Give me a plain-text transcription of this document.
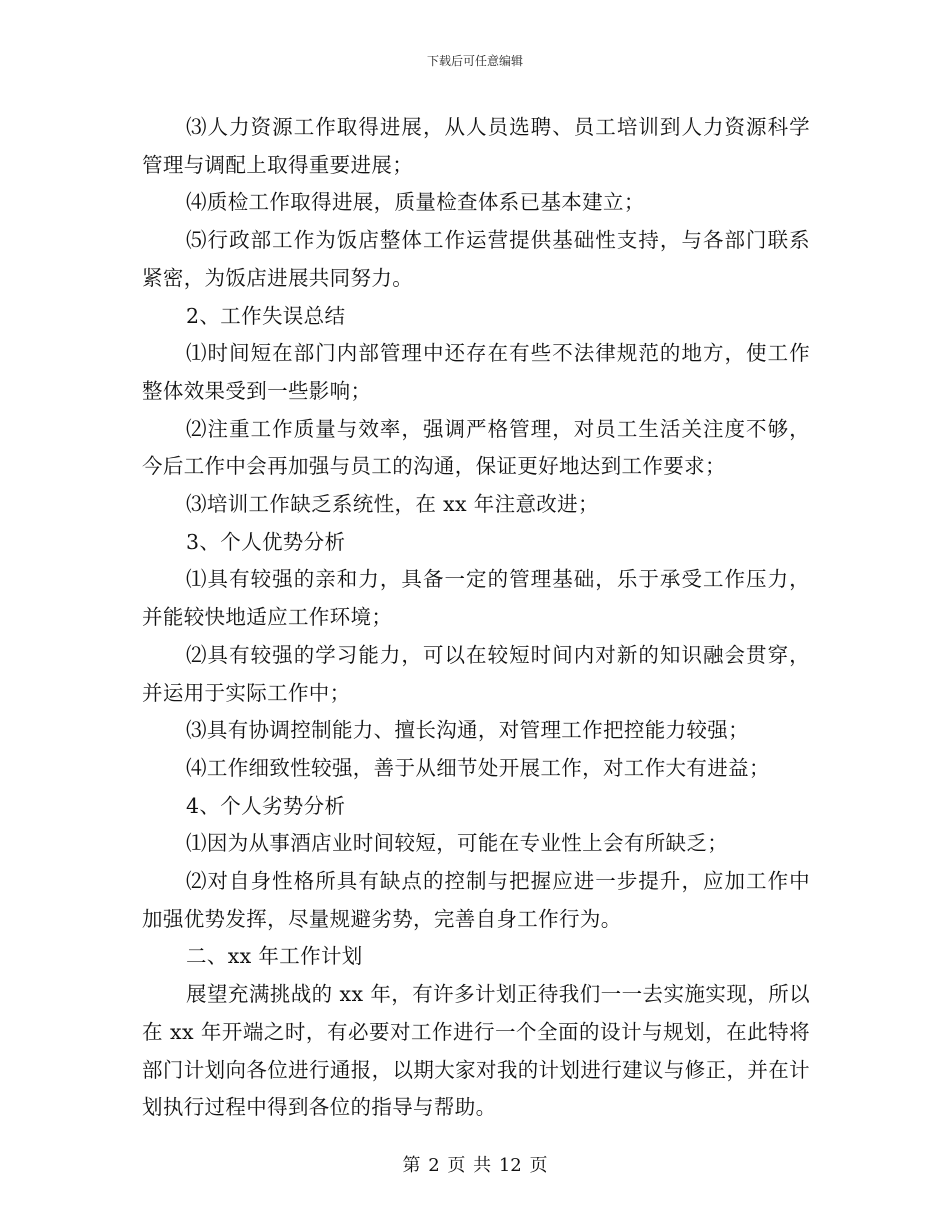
下载后可任意编辑

⑶人力资源工作取得进展，从人员选聘、员工培训到人力资源科学管理与调配上取得重要进展；

⑷质检工作取得进展，质量检查体系已基本建立；

⑸行政部工作为饭店整体工作运营提供基础性支持，与各部门联系紧密，为饭店进展共同努力。

2、工作失误总结

⑴时间短在部门内部管理中还存在有些不法律规范的地方，使工作整体效果受到一些影响；

⑵注重工作质量与效率，强调严格管理，对员工生活关注度不够，今后工作中会再加强与员工的沟通，保证更好地达到工作要求；

⑶培训工作缺乏系统性，在 xx 年注意改进；

3、个人优势分析

⑴具有较强的亲和力，具备一定的管理基础，乐于承受工作压力，并能较快地适应工作环境；

⑵具有较强的学习能力，可以在较短时间内对新的知识融会贯穿，并运用于实际工作中；

⑶具有协调控制能力、擅长沟通，对管理工作把控能力较强；

⑷工作细致性较强，善于从细节处开展工作，对工作大有进益；

4、个人劣势分析

⑴因为从事酒店业时间较短，可能在专业性上会有所缺乏；

⑵对自身性格所具有缺点的控制与把握应进一步提升，应加工作中加强优势发挥，尽量规避劣势，完善自身工作行为。

二、xx 年工作计划

展望充满挑战的 xx 年，有许多计划正待我们一一去实施实现，所以在 xx 年开端之时，有必要对工作进行一个全面的设计与规划，在此特将部门计划向各位进行通报，以期大家对我的计划进行建议与修正，并在计划执行过程中得到各位的指导与帮助。

第 2 页 共 12 页
